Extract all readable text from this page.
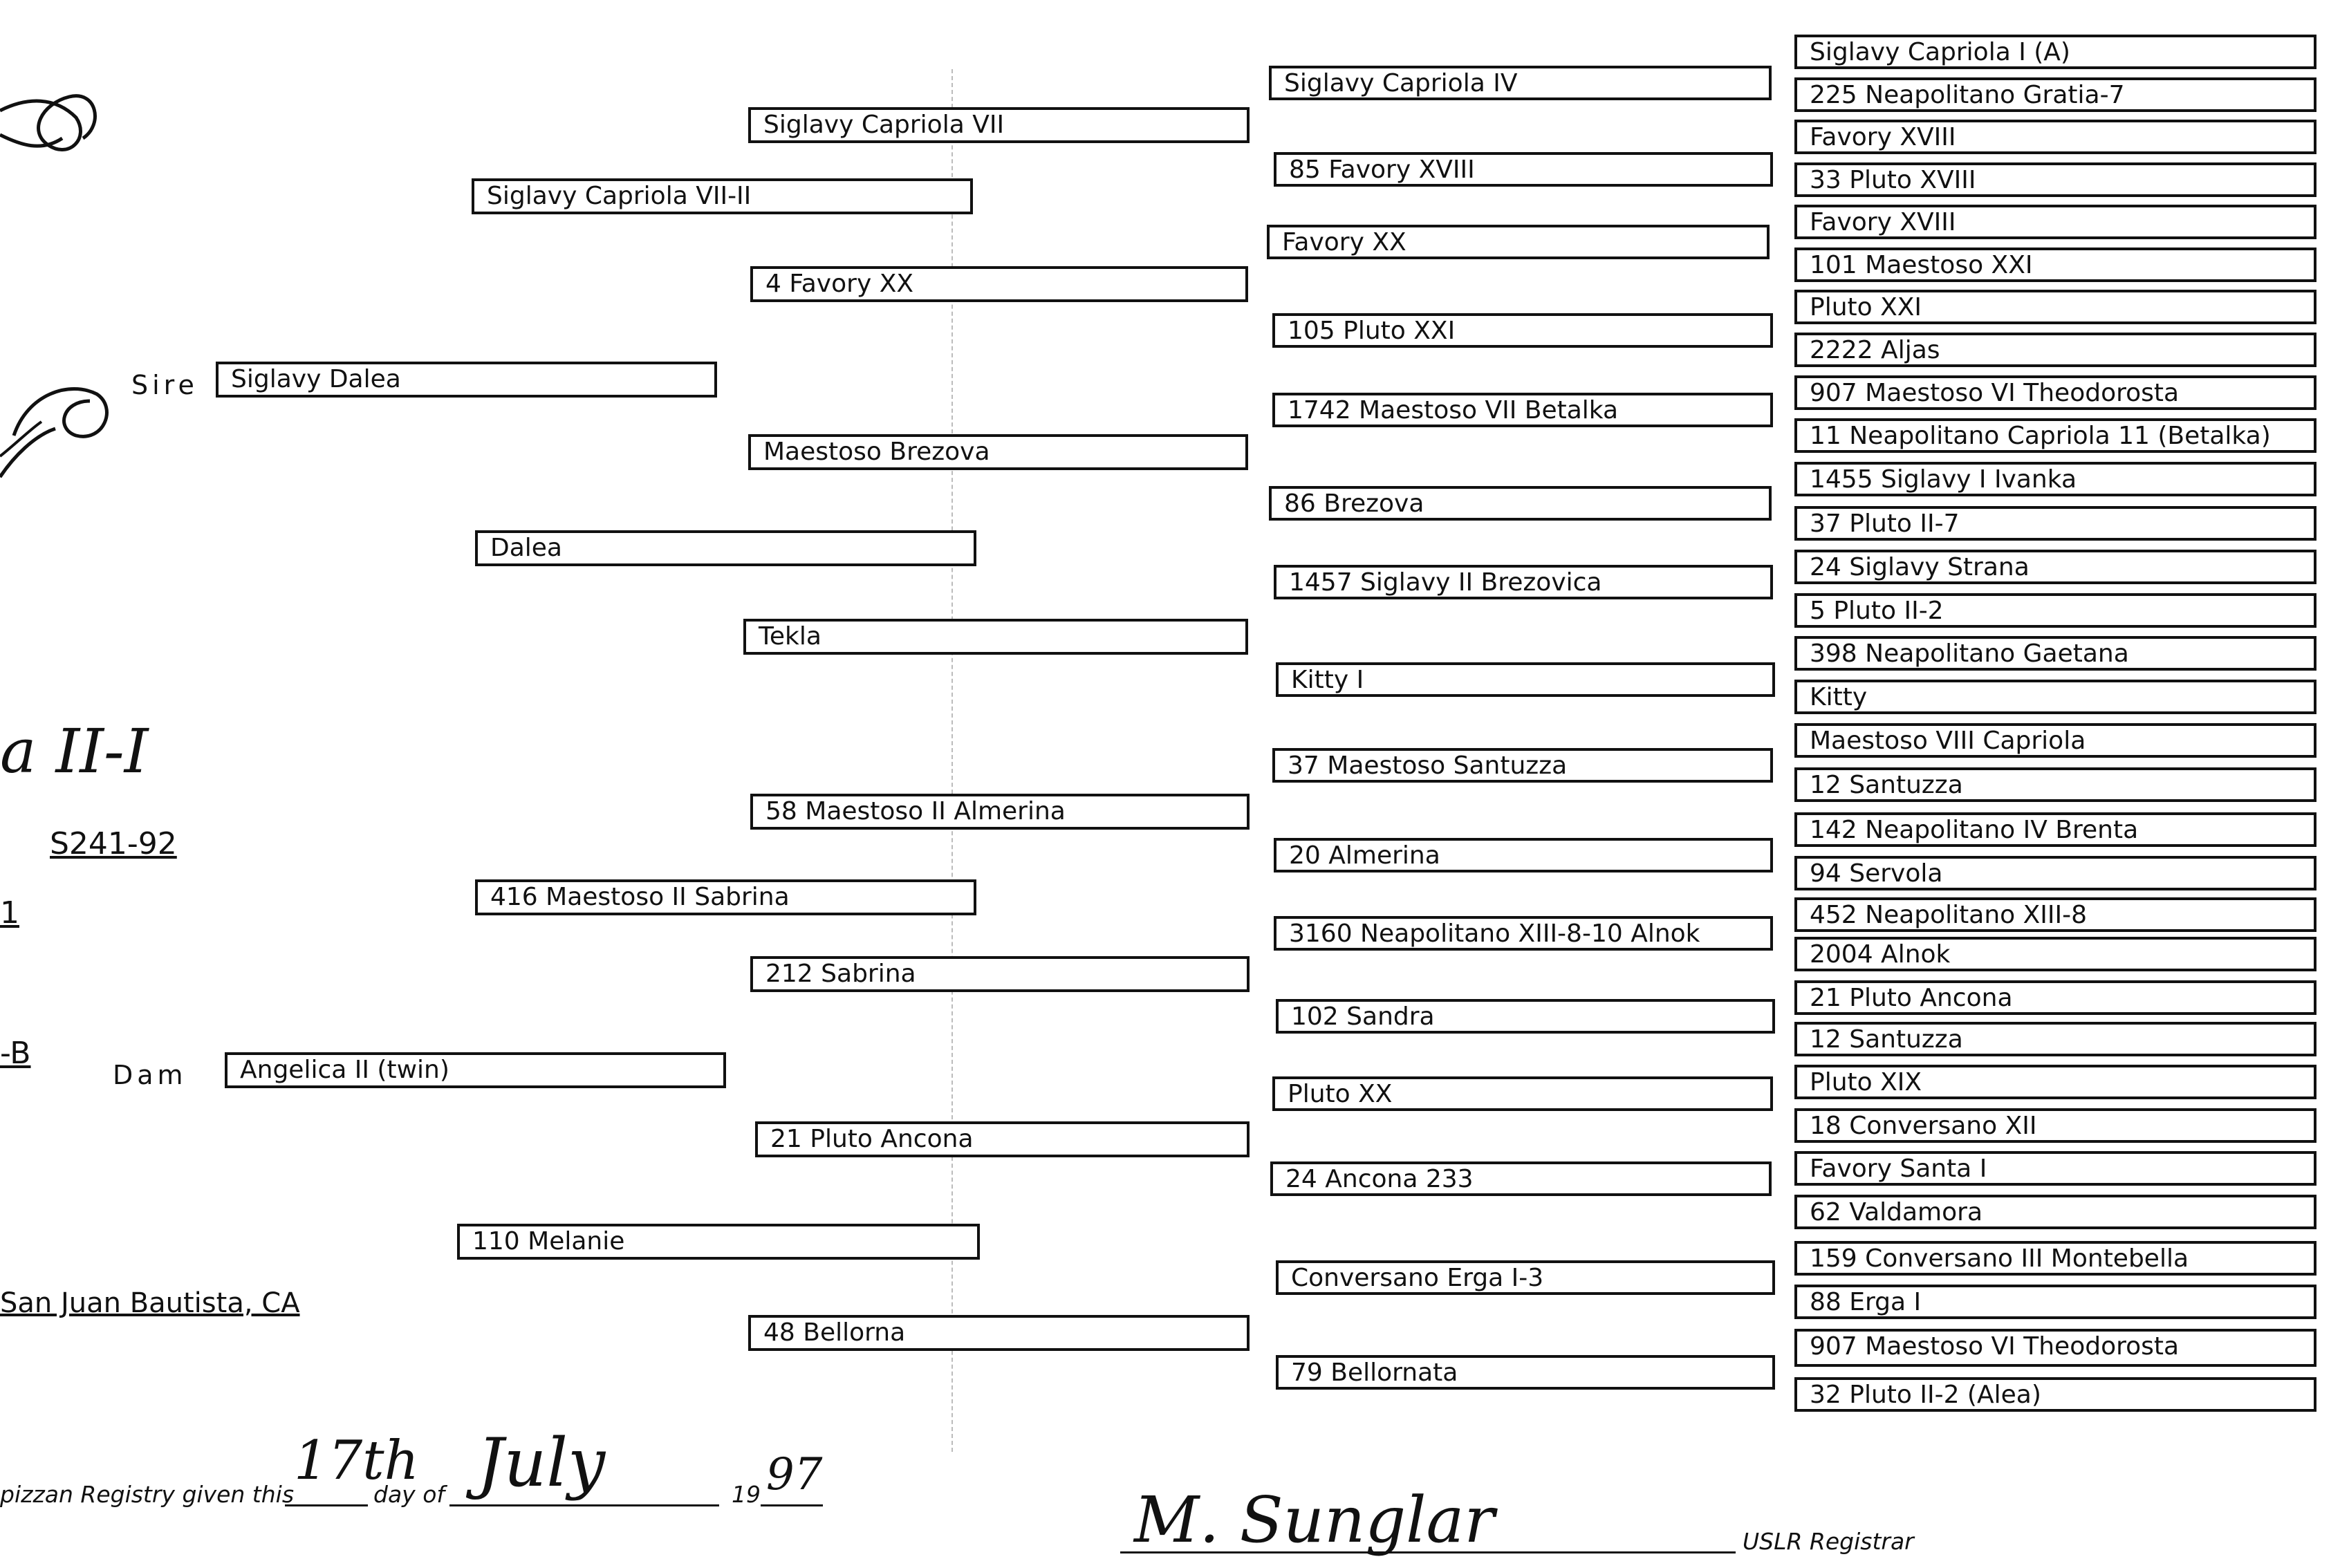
a II-I
S241-92
1
-B
San Juan Bautista, CA
Sire
Dam
Siglavy Dalea
Angelica II (twin)
Siglavy Capriola VII-II
Dalea
416 Maestoso II Sabrina
110 Melanie
Siglavy Capriola VII
4 Favory XX
Maestoso Brezova
Tekla
58 Maestoso II Almerina
212 Sabrina
21 Pluto Ancona
48 Bellorna
Siglavy Capriola IV
85 Favory XVIII
Favory XX
105 Pluto XXI
1742 Maestoso VII Betalka
86 Brezova
1457 Siglavy II Brezovica
Kitty I
37 Maestoso Santuzza
20 Almerina
3160 Neapolitano XIII-8-10 Alnok
102 Sandra
Pluto XX
24 Ancona 233
Conversano Erga I-3
79 Bellornata
Siglavy Capriola I (A)
225 Neapolitano Gratia-7
Favory XVIII
33 Pluto XVIII
Favory XVIII
101 Maestoso XXI
Pluto XXI
2222 Aljas
907 Maestoso VI Theodorosta
11 Neapolitano Capriola 11 (Betalka)
1455 Siglavy I Ivanka
37 Pluto II-7
24 Siglavy Strana
5 Pluto II-2
398 Neapolitano Gaetana
Kitty
Maestoso VIII Capriola
12 Santuzza
142 Neapolitano IV Brenta
94 Servola
452 Neapolitano XIII-8
2004 Alnok
21 Pluto Ancona
12 Santuzza
Pluto XIX
18 Conversano XII
Favory Santa I
62 Valdamora
159 Conversano III Montebella
88 Erga I
907 Maestoso VI Theodorosta
32 Pluto II-2 (Alea)
pizzan Registry given this
17th
day of July	19 97
M. Sunglar	USLR Registrar
